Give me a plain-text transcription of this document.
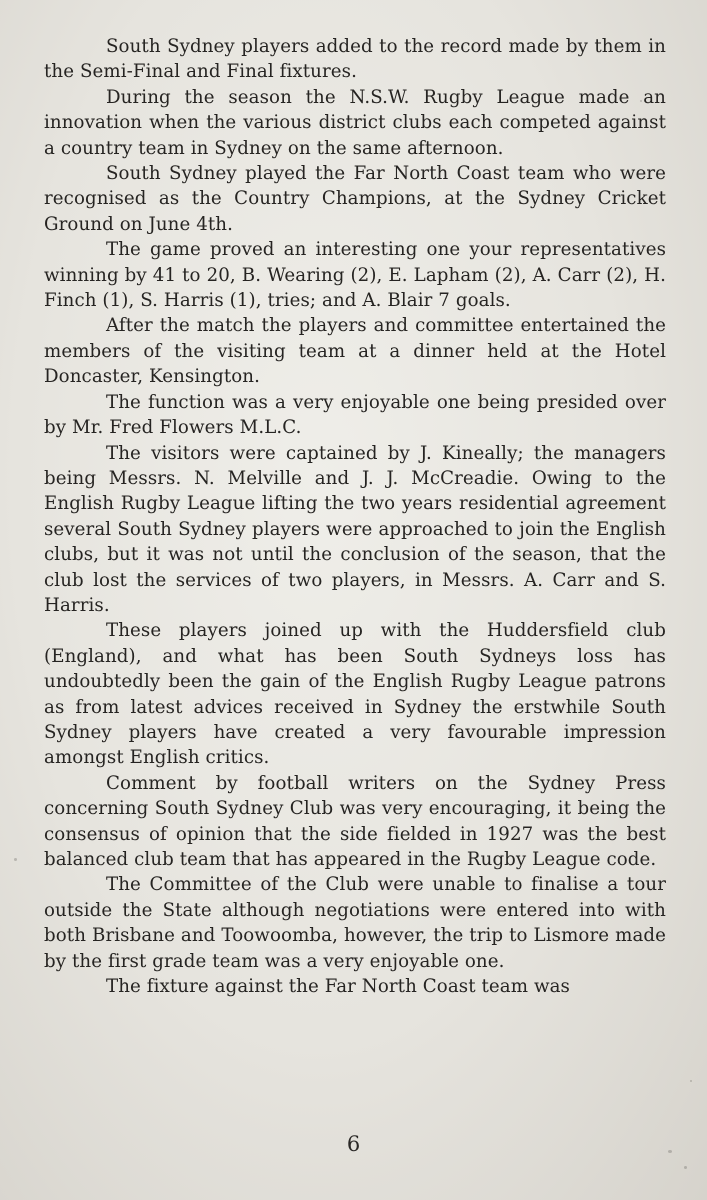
South Sydney players added to the record made by them in the Semi-Final and Final fixtures.

During the season the N.S.W. Rugby League made an innovation when the various district clubs each competed against a country team in Sydney on the same afternoon.

South Sydney played the Far North Coast team who were recognised as the Country Champions, at the Sydney Cricket Ground on June 4th.

The game proved an interesting one your representatives winning by 41 to 20, B. Wearing (2), E. Lapham (2), A. Carr (2), H. Finch (1), S. Harris (1), tries; and A. Blair 7 goals.

After the match the players and committee entertained the members of the visiting team at a dinner held at the Hotel Doncaster, Kensington.

The function was a very enjoyable one being presided over by Mr. Fred Flowers M.L.C.

The visitors were captained by J. Kineally; the managers being Messrs. N. Melville and J. J. McCreadie. Owing to the English Rugby League lifting the two years residential agreement several South Sydney players were approached to join the English clubs, but it was not until the conclusion of the season, that the club lost the services of two players, in Messrs. A. Carr and S. Harris.

These players joined up with the Huddersfield club (England), and what has been South Sydneys loss has undoubtedly been the gain of the English Rugby League patrons as from latest advices received in Sydney the erstwhile South Sydney players have created a very favourable impression amongst English critics.

Comment by football writers on the Sydney Press concerning South Sydney Club was very encouraging, it being the consensus of opinion that the side fielded in 1927 was the best balanced club team that has appeared in the Rugby League code.

The Committee of the Club were unable to finalise a tour outside the State although negotiations were entered into with both Brisbane and Toowoomba, however, the trip to Lismore made by the first grade team was a very enjoyable one.

The fixture against the Far North Coast team was

6
